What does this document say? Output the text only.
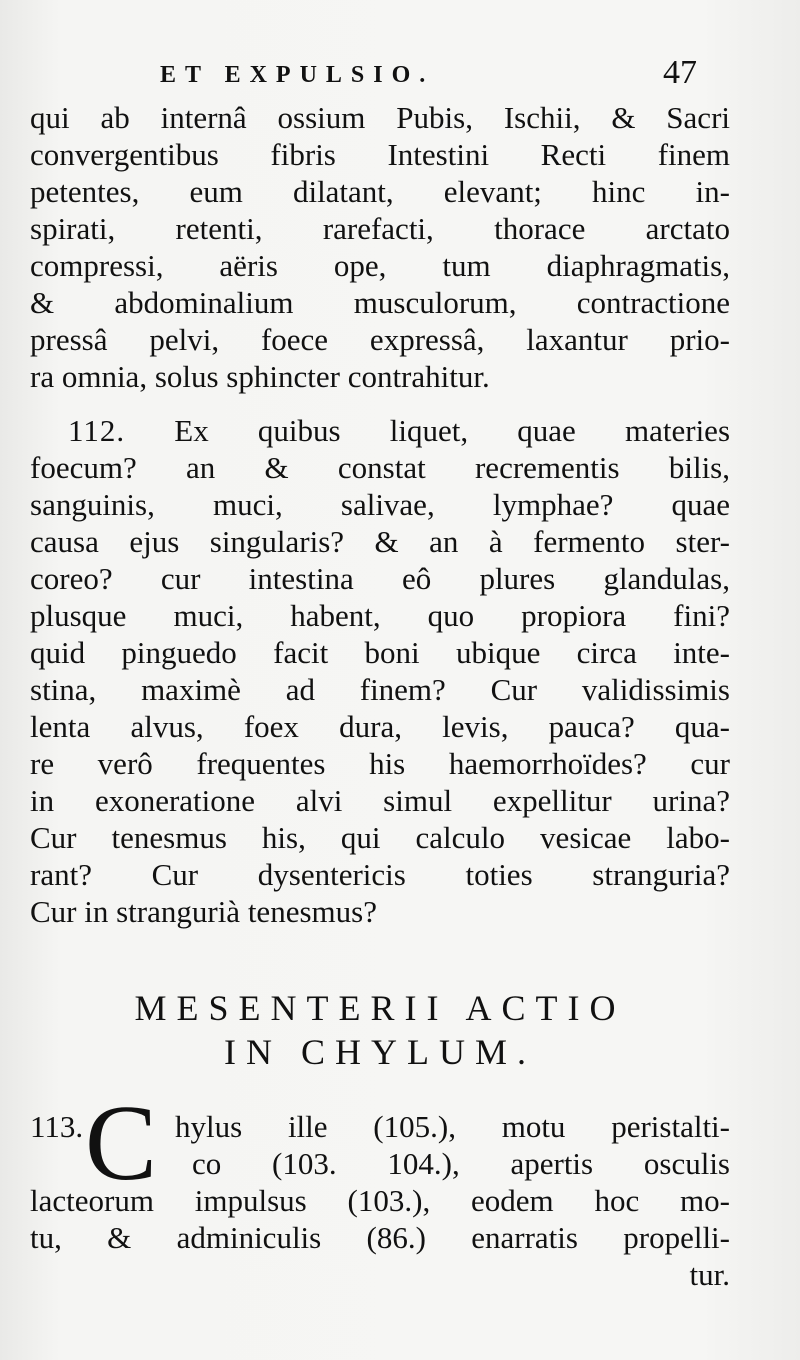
ET EXPULSIO.	47
qui ab internâ ossium Pubis, Ischii, & Sacri
convergentibus fibris Intestini Recti finem
petentes, eum dilatant, elevant; hinc in-
spirati, retenti, rarefacti, thorace arctato
compressi, aëris ope, tum diaphragmatis,
& abdominalium musculorum, contractione
pressâ pelvi, foece expressâ, laxantur prio-
ra omnia, solus sphincter contrahitur.
112. Ex quibus liquet, quae materies
foecum? an & constat recrementis bilis,
sanguinis, muci, salivae, lymphae? quae
causa ejus singularis? & an à fermento ster-
coreo? cur intestina eô plures glandulas,
plusque muci, habent, quo propiora fini?
quid pinguedo facit boni ubique circa inte-
stina, maximè ad finem? Cur validissimis
lenta alvus, foex dura, levis, pauca? qua-
re verô frequentes his haemorrhoïdes? cur
in exoneratione alvi simul expellitur urina?
Cur tenesmus his, qui calculo vesicae labo-
rant? Cur dysentericis toties stranguria?
Cur in strangurià tenesmus?
MESENTERII ACTIO
IN CHYLUM.
113. C hylus ille (105.), motu peristalti-
co (103. 104.), apertis osculis
lacteorum impulsus (103.), eodem hoc mo-
tu, & adminiculis (86.) enarratis propelli-
tur.
